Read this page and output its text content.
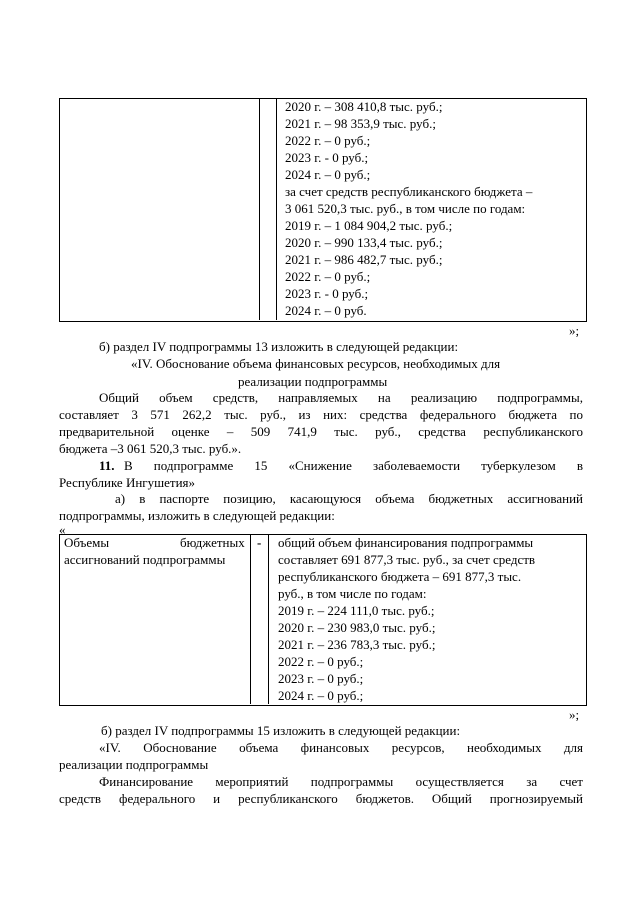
2020 г. – 308 410,8 тыс. руб.;
2021 г. – 98 353,9 тыс. руб.;
2022 г. – 0 руб.;
2023 г. - 0 руб.;
2024 г. – 0 руб.;
за счет средств республиканского бюджета –
3 061 520,3 тыс. руб., в том числе по годам:
2019 г. – 1 084 904,2 тыс. руб.;
2020 г. – 990 133,4 тыс. руб.;
2021 г. – 986 482,7 тыс. руб.;
2022 г. – 0 руб.;
2023 г. - 0 руб.;
2024 г. – 0 руб.
»;
б) раздел IV подпрограммы 13 изложить в следующей редакции:
«IV. Обоснование объема финансовых ресурсов, необходимых для
реализации подпрограммы
Общий объем средств, направляемых на реализацию подпрограммы,
составляет 3 571 262,2 тыс. руб., из них: средства федерального бюджета по
предварительной оценке – 509 741,9 тыс. руб., средства республиканского
бюджета –3 061 520,3 тыс. руб.».
11. В подпрограмме 15 «Снижение заболеваемости туберкулезом в
Республике Ингушетия»
а) в паспорте позицию, касающуюся объема бюджетных ассигнований
подпрограммы, изложить в следующей редакции:
«
Объемы	бюджетных
ассигнований подпрограммы
- общий объем финансирования подпрограммы
составляет 691 877,3 тыс. руб., за счет средств
республиканского бюджета – 691 877,3 тыс.
руб., в том числе по годам:
2019 г. – 224 111,0 тыс. руб.;
2020 г. – 230 983,0 тыс. руб.;
2021 г. – 236 783,3 тыс. руб.;
2022 г. – 0 руб.;
2023 г. – 0 руб.;
2024 г. – 0 руб.;
»;
б) раздел IV подпрограммы 15 изложить в следующей редакции:
«IV. Обоснование объема финансовых ресурсов, необходимых для
реализации подпрограммы
Финансирование мероприятий подпрограммы осуществляется за счет
средств федерального и республиканского бюджетов. Общий прогнозируемый
